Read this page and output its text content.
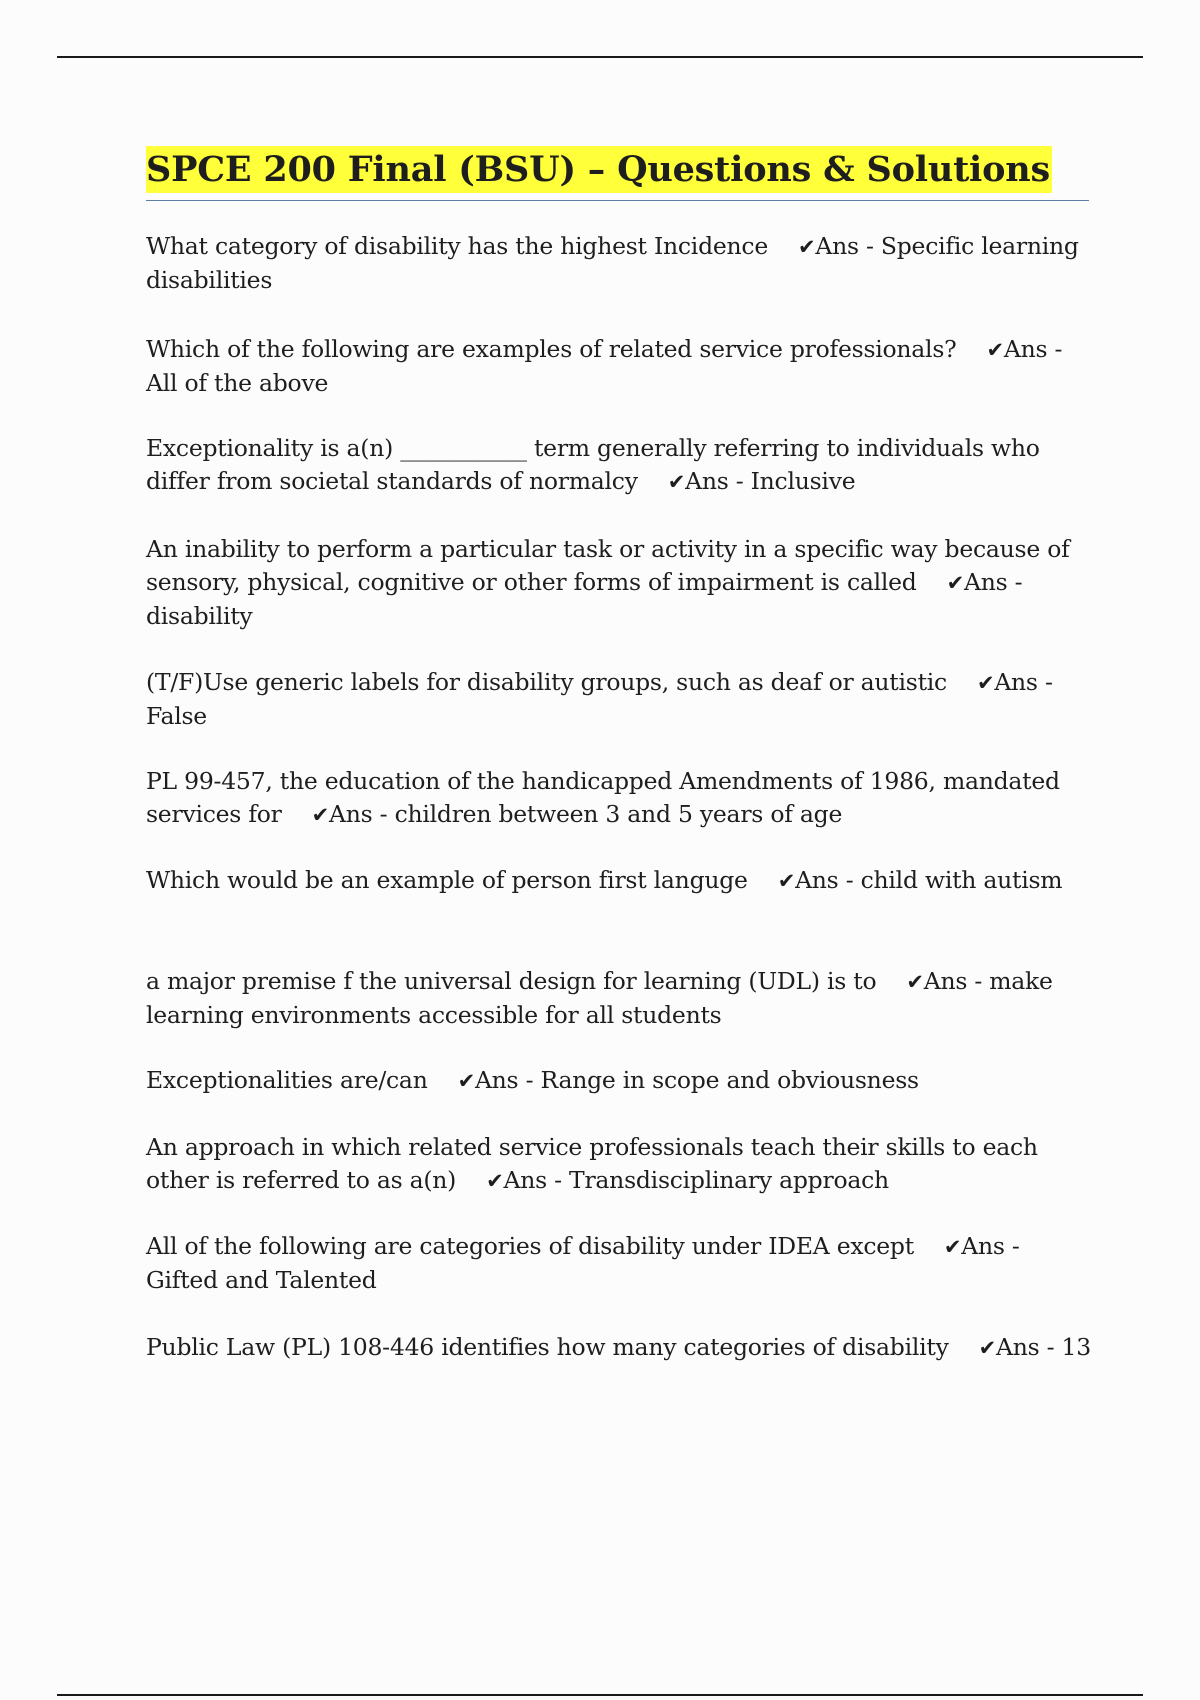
SPCE 200 Final (BSU) – Questions & Solutions
What category of disability has the highest Incidence ✔Ans - Specific learning disabilities
Which of the following are examples of related service professionals? ✔Ans - All of the above
Exceptionality is a(n) ___________ term generally referring to individuals who differ from societal standards of normalcy ✔Ans - Inclusive
An inability to perform a particular task or activity in a specific way because of sensory, physical, cognitive or other forms of impairment is called ✔Ans - disability
(T/F)Use generic labels for disability groups, such as deaf or autistic ✔Ans - False
PL 99-457, the education of the handicapped Amendments of 1986, mandated services for ✔Ans - children between 3 and 5 years of age
Which would be an example of person first languge ✔Ans - child with autism
a major premise f the universal design for learning (UDL) is to ✔Ans - make learning environments accessible for all students
Exceptionalities are/can ✔Ans - Range in scope and obviousness
An approach in which related service professionals teach their skills to each other is referred to as a(n) ✔Ans - Transdisciplinary approach
All of the following are categories of disability under IDEA except ✔Ans - Gifted and Talented
Public Law (PL) 108-446 identifies how many categories of disability ✔Ans - 13
